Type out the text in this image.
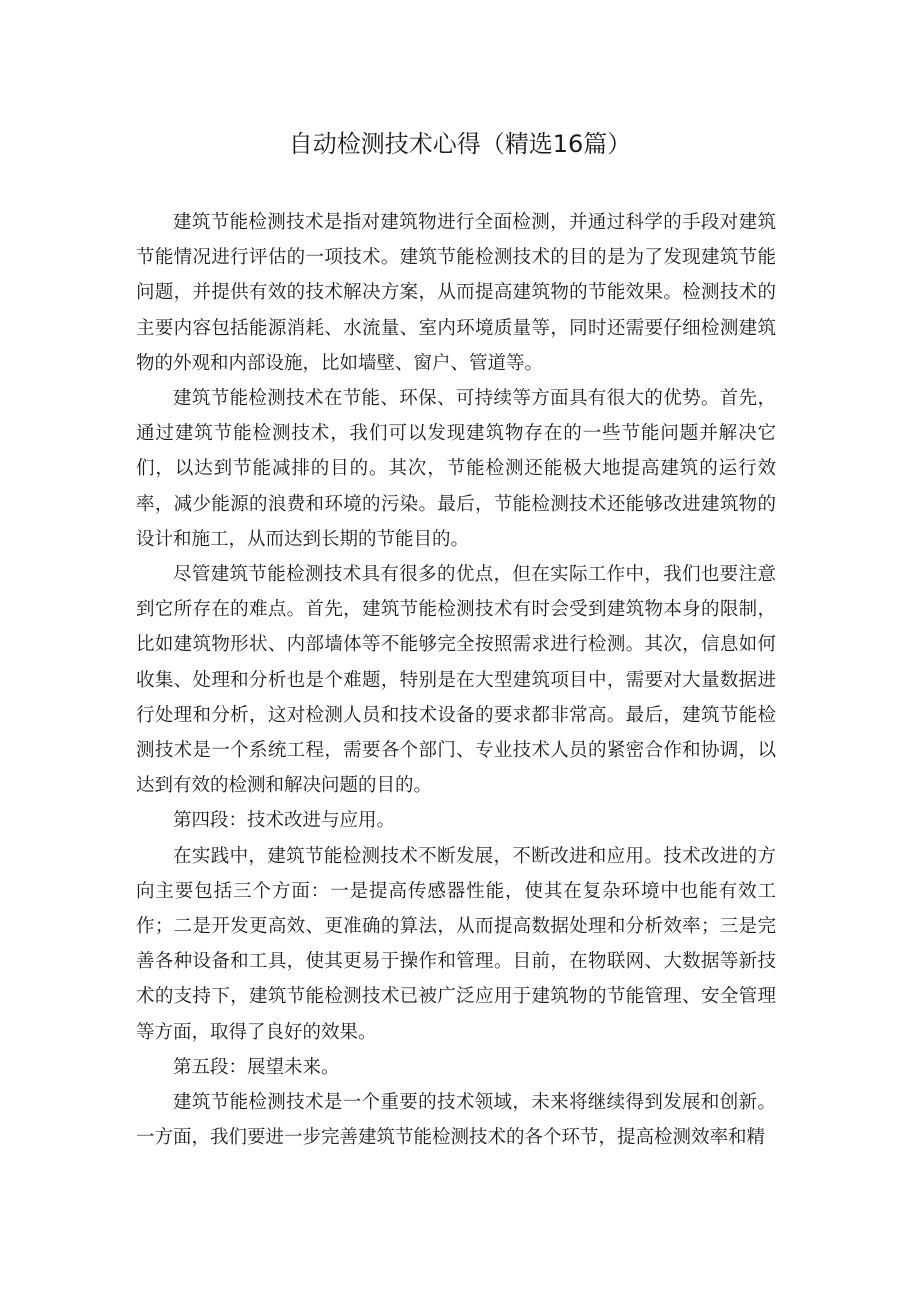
自动检测技术心得（精选16篇）

建筑节能检测技术是指对建筑物进行全面检测，并通过科学的手段对建筑节能情况进行评估的一项技术。建筑节能检测技术的目的是为了发现建筑节能问题，并提供有效的技术解决方案，从而提高建筑物的节能效果。检测技术的主要内容包括能源消耗、水流量、室内环境质量等，同时还需要仔细检测建筑物的外观和内部设施，比如墙壁、窗户、管道等。

建筑节能检测技术在节能、环保、可持续等方面具有很大的优势。首先，通过建筑节能检测技术，我们可以发现建筑物存在的一些节能问题并解决它们，以达到节能减排的目的。其次，节能检测还能极大地提高建筑的运行效率，减少能源的浪费和环境的污染。最后，节能检测技术还能够改进建筑物的设计和施工，从而达到长期的节能目的。

尽管建筑节能检测技术具有很多的优点，但在实际工作中，我们也要注意到它所存在的难点。首先，建筑节能检测技术有时会受到建筑物本身的限制，比如建筑物形状、内部墙体等不能够完全按照需求进行检测。其次，信息如何收集、处理和分析也是个难题，特别是在大型建筑项目中，需要对大量数据进行处理和分析，这对检测人员和技术设备的要求都非常高。最后，建筑节能检测技术是一个系统工程，需要各个部门、专业技术人员的紧密合作和协调，以达到有效的检测和解决问题的目的。

第四段：技术改进与应用。

在实践中，建筑节能检测技术不断发展，不断改进和应用。技术改进的方向主要包括三个方面：一是提高传感器性能，使其在复杂环境中也能有效工作；二是开发更高效、更准确的算法，从而提高数据处理和分析效率；三是完善各种设备和工具，使其更易于操作和管理。目前，在物联网、大数据等新技术的支持下，建筑节能检测技术已被广泛应用于建筑物的节能管理、安全管理等方面，取得了良好的效果。

第五段：展望未来。

建筑节能检测技术是一个重要的技术领域，未来将继续得到发展和创新。一方面，我们要进一步完善建筑节能检测技术的各个环节，提高检测效率和精
